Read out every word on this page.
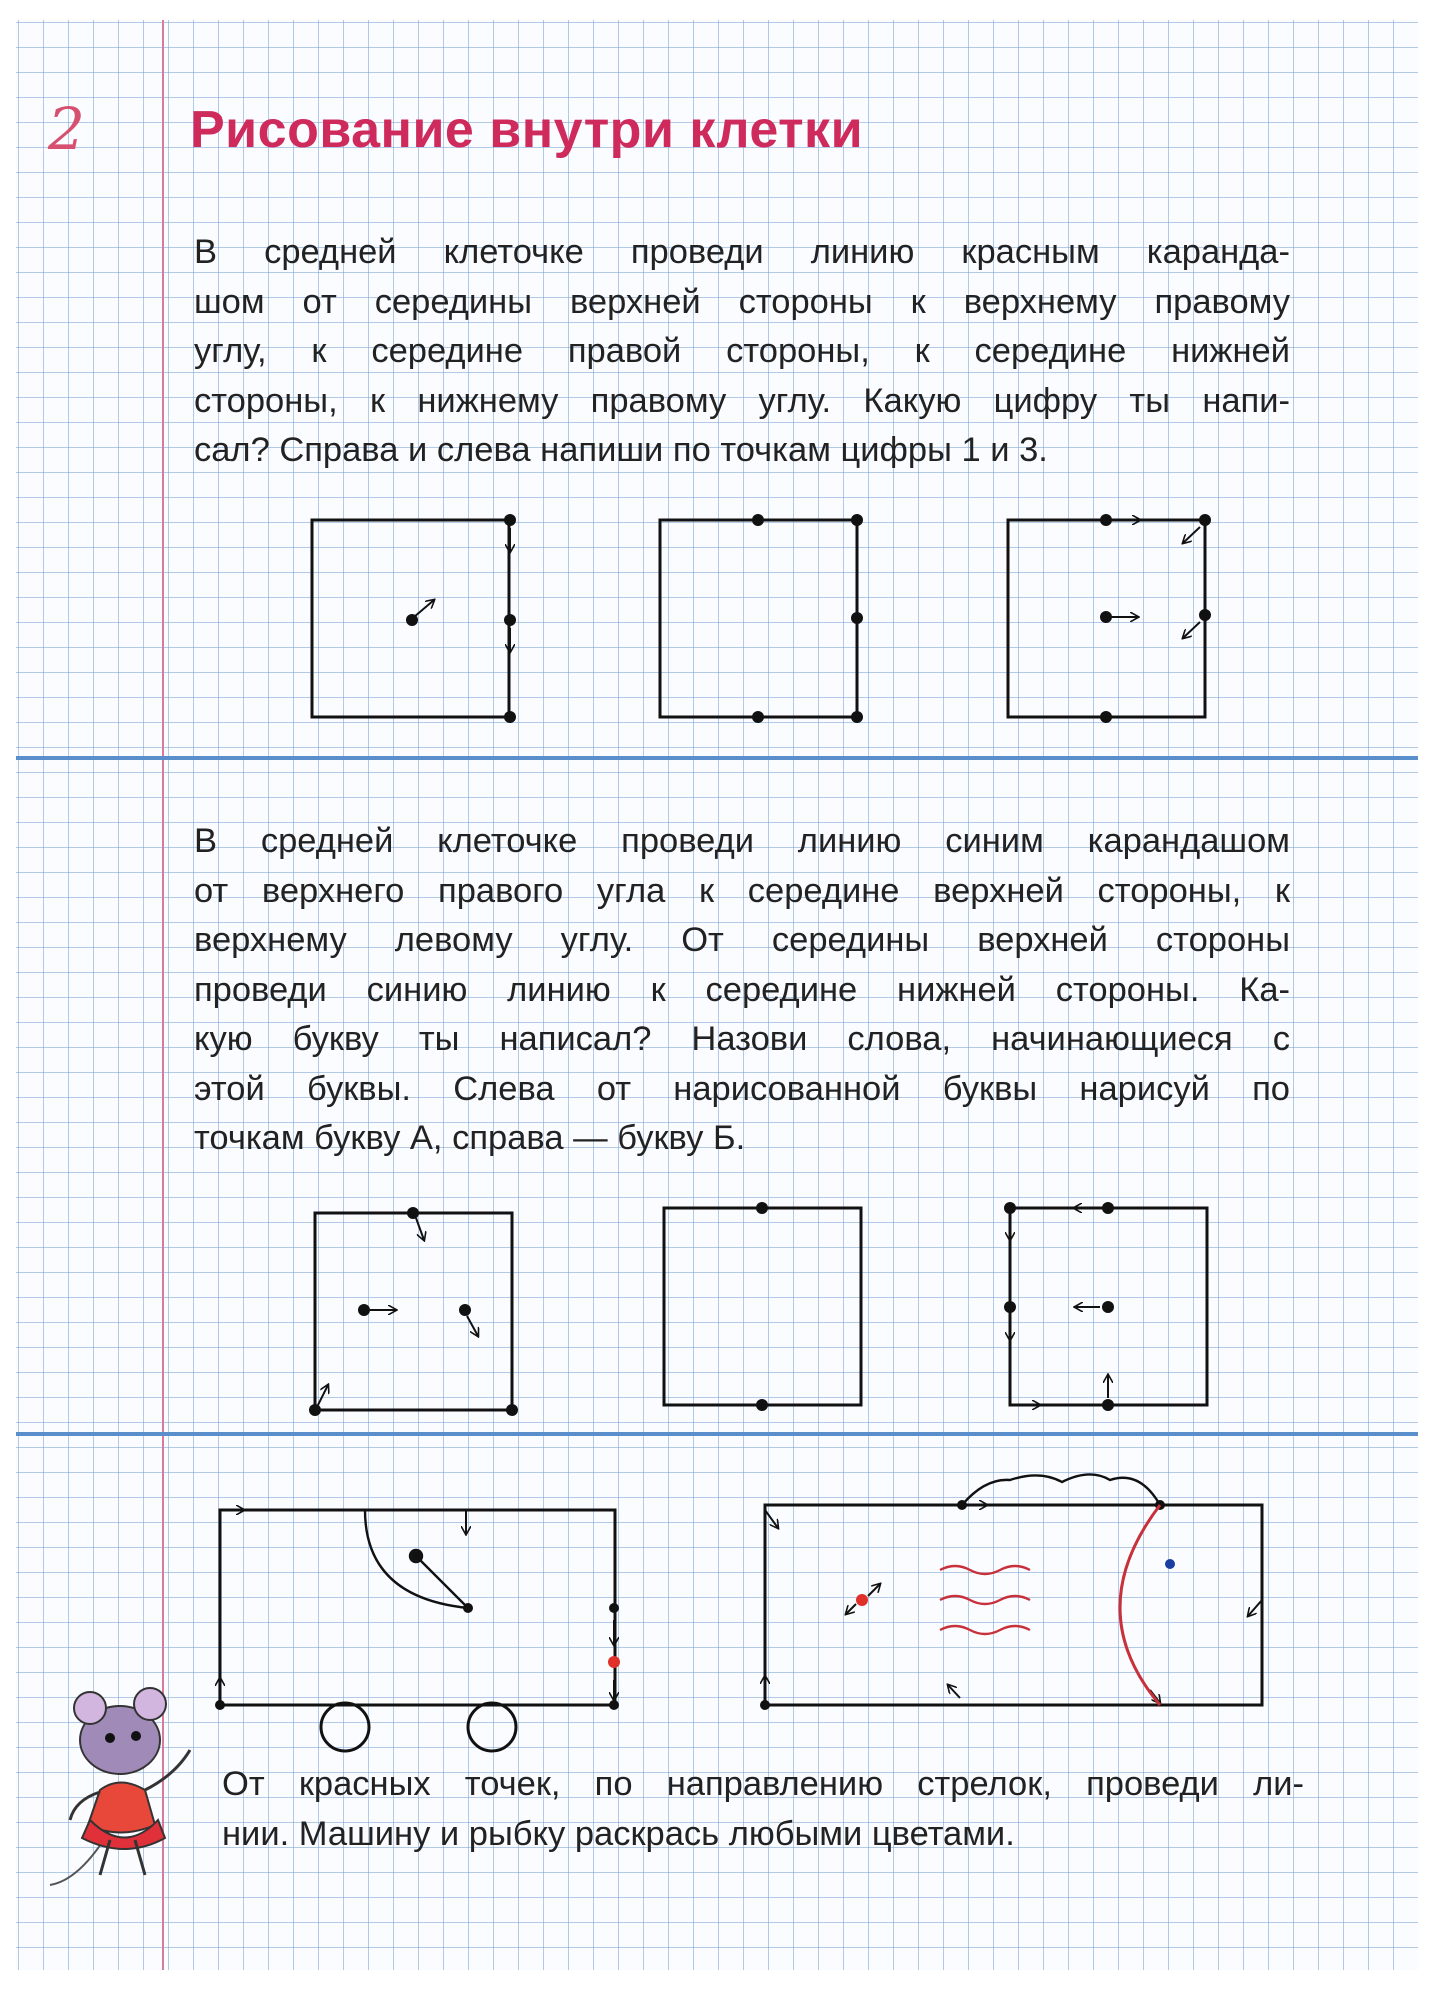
2 Рисование внутри клетки
В средней клеточке проведи линию красным каранда-
шом от середины верхней стороны к верхнему правому
углу, к середине правой стороны, к середине нижней
стороны, к нижнему правому углу. Какую цифру ты напи-
сал? Справа и слева напиши по точкам цифры 1 и 3.
В средней клеточке проведи линию синим карандашом
от верхнего правого угла к середине верхней стороны, к
верхнему левому углу. От середины верхней стороны
проведи синию линию к середине нижней стороны. Ка-
кую букву ты написал? Назови слова, начинающиеся с
этой буквы. Слева от нарисованной буквы нарисуй по
точкам букву А, справа — букву Б.
От красных точек, по направлению стрелок, проведи ли-
нии. Машину и рыбку раскрась любыми цветами.
